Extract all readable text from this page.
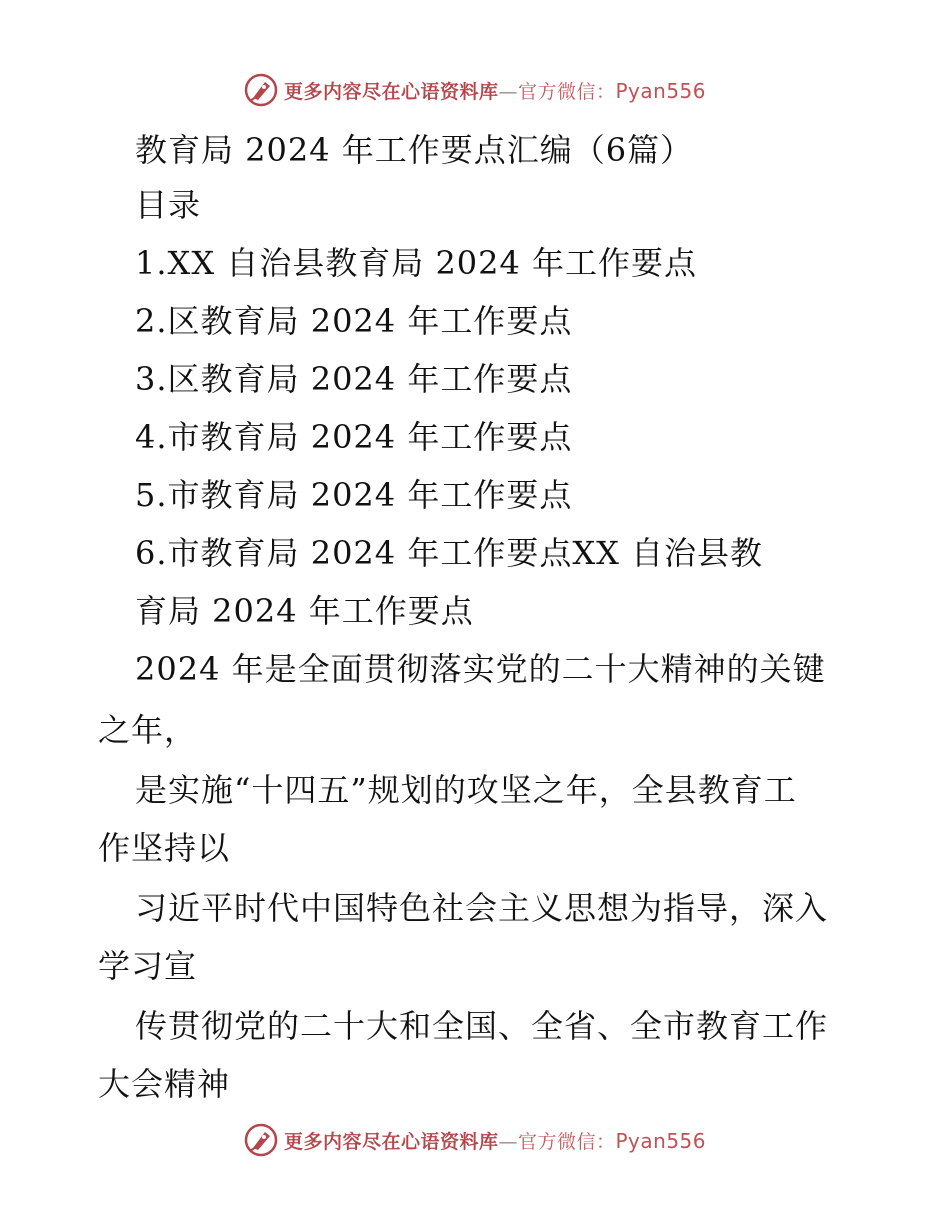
更多内容尽在心语资料库—官方微信：Pyan556
教育局 2024 年工作要点汇编（6篇）
目录
1.XX 自治县教育局 2024 年工作要点
2.区教育局 2024 年工作要点
3.区教育局 2024 年工作要点
4.市教育局 2024 年工作要点
5.市教育局 2024 年工作要点
6.市教育局 2024 年工作要点XX 自治县教
育局 2024 年工作要点
2024 年是全面贯彻落实党的二十大精神的关键
之年，
是实施“十四五”规划的攻坚之年，全县教育工
作坚持以
习近平时代中国特色社会主义思想为指导，深入
学习宣
传贯彻党的二十大和全国、全省、全市教育工作
大会精神
更多内容尽在心语资料库—官方微信：Pyan556
